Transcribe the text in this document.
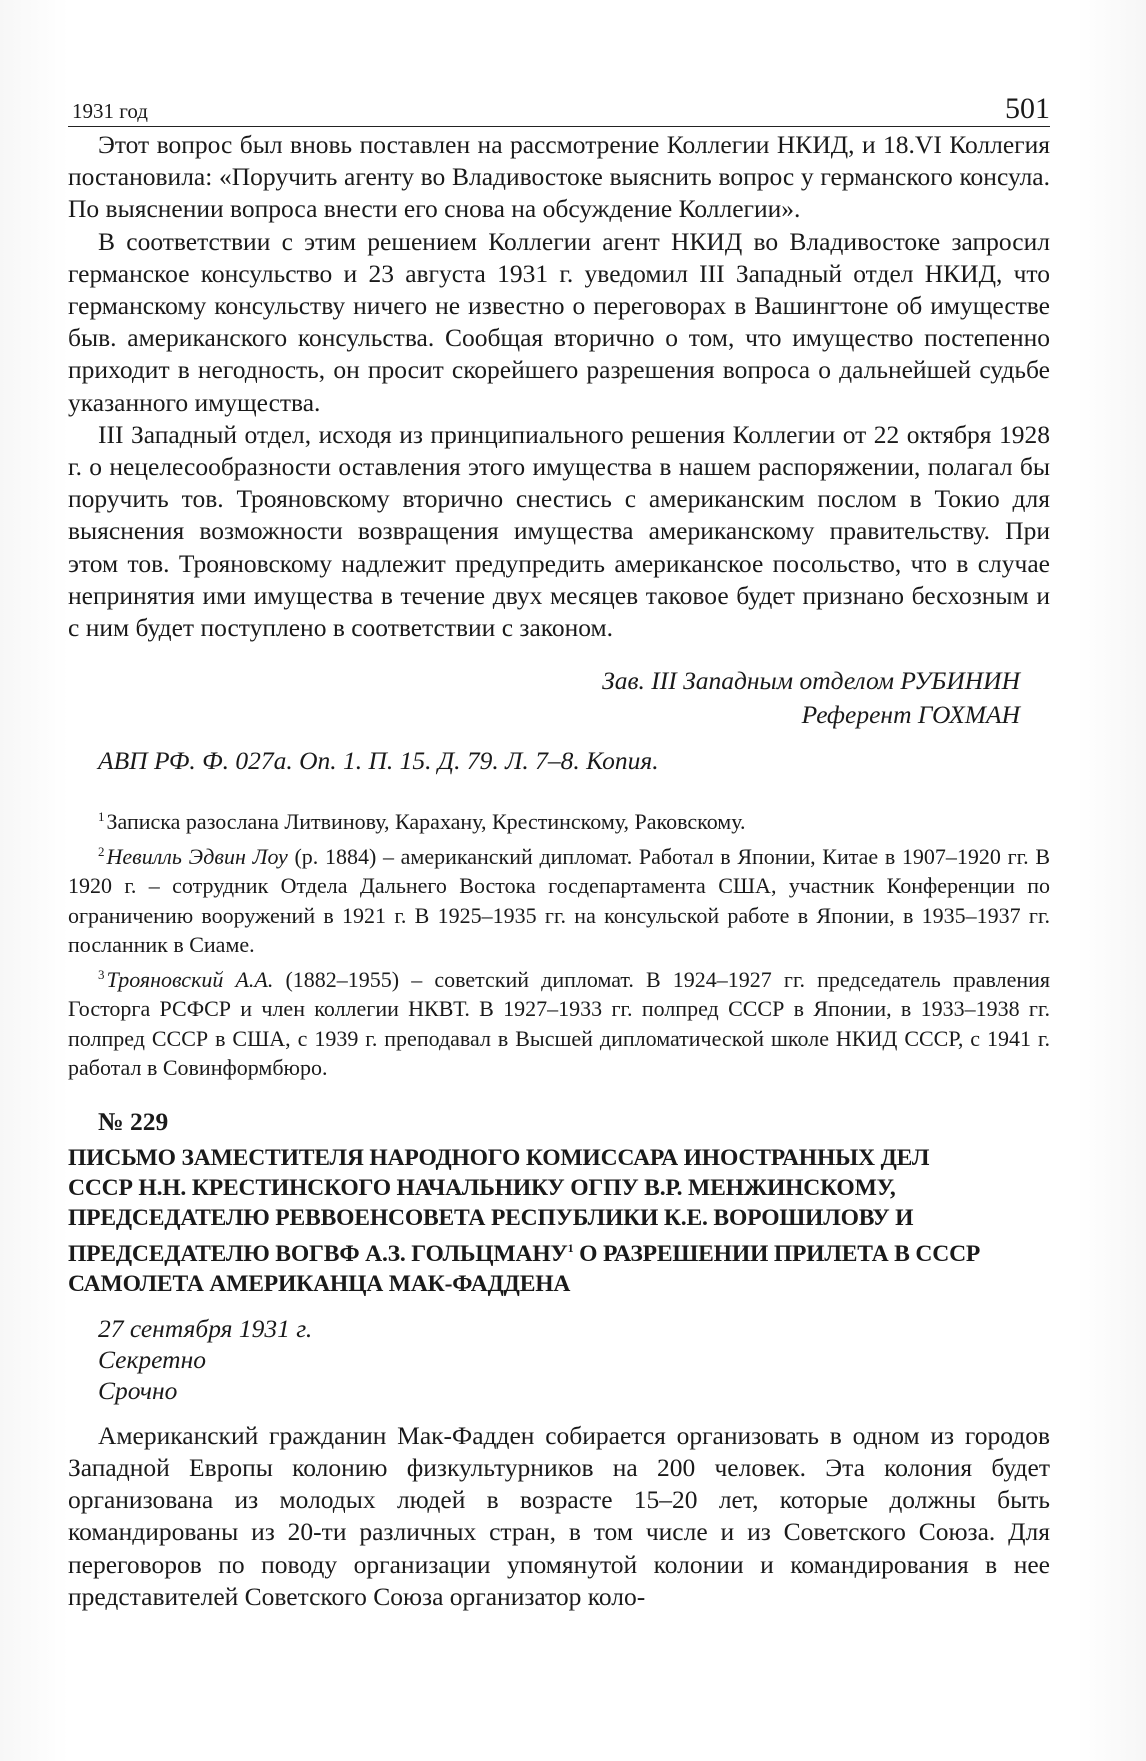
1931 год	501

Этот вопрос был вновь поставлен на рассмотрение Коллегии НКИД, и 18.VI Коллегия постановила: «Поручить агенту во Владивостоке выяснить вопрос у германского консула. По выяснении вопроса внести его снова на обсуждение Коллегии».

В соответствии с этим решением Коллегии агент НКИД во Владивостоке запросил германское консульство и 23 августа 1931 г. уведомил III Западный отдел НКИД, что германскому консульству ничего не известно о переговорах в Вашингтоне об имуществе быв. американского консульства. Сообщая вторично о том, что имущество постепенно приходит в негодность, он просит скорейшего разрешения вопроса о дальнейшей судьбе указанного имущества.

III Западный отдел, исходя из принципиального решения Коллегии от 22 октября 1928 г. о нецелесообразности оставления этого имущества в нашем распоряжении, полагал бы поручить тов. Трояновскому вторично снестись с американским послом в Токио для выяснения возможности возвращения имущества американскому правительству. При этом тов. Трояновскому надлежит предупредить американское посольство, что в случае непринятия ими имущества в течение двух месяцев таковое будет признано бесхозным и с ним будет поступлено в соответствии с законом.

Зав. III Западным отделом РУБИНИН
Референт ГОХМАН
АВП РФ. Ф. 027а. Оп. 1. П. 15. Д. 79. Л. 7–8. Копия.

$^1$Записка разослана Литвинову, Карахану, Крестинскому, Раковскому.

$^2$Невилль Эдвин Лоу (р. 1884) – американский дипломат. Работал в Японии, Китае в 1907–1920 гг. В 1920 г. – сотрудник Отдела Дальнего Востока госдепартамента США, участник Конференции по ограничению вооружений в 1921 г. В 1925–1935 гг. на консульской работе в Японии, в 1935–1937 гг. посланник в Сиаме.

$^3$Трояновский А.А. (1882–1955) – советский дипломат. В 1924–1927 гг. председатель правления Госторга РСФСР и член коллегии НКВТ. В 1927–1933 гг. полпред СССР в Японии, в 1933–1938 гг. полпред СССР в США, с 1939 г. преподавал в Высшей дипломатической школе НКИД СССР, с 1941 г. работал в Совинформбюро.

№ 229
ПИСЬМО ЗАМЕСТИТЕЛЯ НАРОДНОГО КОМИССАРА ИНОСТРАННЫХ ДЕЛ
СССР Н.Н. КРЕСТИНСКОГО НАЧАЛЬНИКУ ОГПУ В.Р. МЕНЖИНСКОМУ,
ПРЕДСЕДАТЕЛЮ РЕВВОЕНСОВЕТА РЕСПУБЛИКИ К.Е. ВОРОШИЛОВУ И
ПРЕДСЕДАТЕЛЮ ВОГВФ А.З. ГОЛЬЦМАНУ$^1$ О РАЗРЕШЕНИИ ПРИЛЕТА В СССР
САМОЛЕТА АМЕРИКАНЦА МАК-ФАДДЕНА
27 сентября 1931 г.
Секретно
Срочно

Американский гражданин Мак-Фадден собирается организовать в одном из городов Западной Европы колонию физкультурников на 200 человек. Эта колония будет организована из молодых людей в возрасте 15–20 лет, которые должны быть командированы из 20-ти различных стран, в том числе и из Советского Союза. Для переговоров по поводу организации упомянутой колонии и командирования в нее представителей Советского Союза организатор коло-
